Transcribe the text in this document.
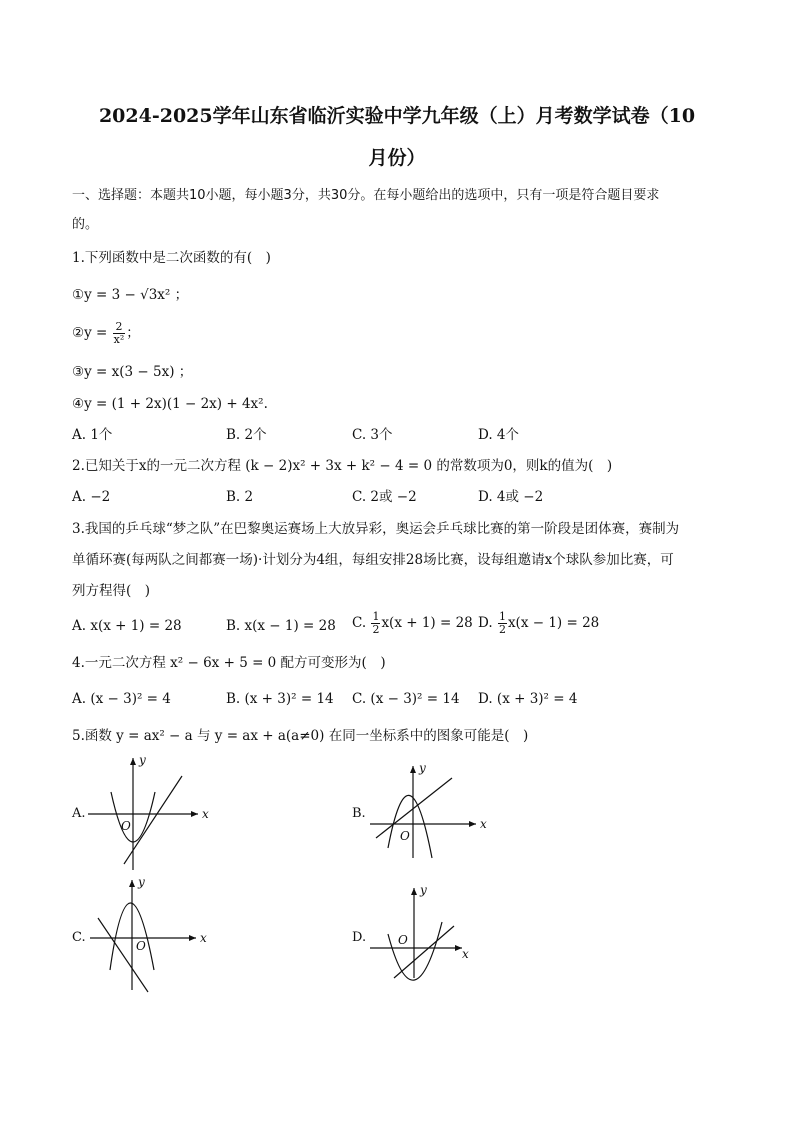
2024-2025学年山东省临沂实验中学九年级（上）月考数学试卷（10
月份）
一、选择题：本题共10小题，每小题3分，共30分。在每小题给出的选项中，只有一项是符合题目要求
的。
1.下列函数中是二次函数的有(　)
①y = 3 − √3x² ；
②y = $\frac{2}{\text{x²}}$ ；
③y = x(3 − 5x) ；
④y = (1 + 2x)(1 − 2x) + 4x².
A. 1个	B. 2个	C. 3个	D. 4个
2.已知关于x的一元二次方程 (k − 2)x² + 3x + k² − 4 = 0 的常数项为0，则k的值为(　)
A. −2	B. 2	C. 2或 −2	D. 4或 −2
3.我国的乒乓球“梦之队”在巴黎奥运赛场上大放异彩，奥运会乒乓球比赛的第一阶段是团体赛，赛制为
单循环赛(每两队之间都赛一场)·计划分为4组，每组安排28场比赛，设每组邀请x个球队参加比赛，可
列方程得(　)
A. x(x + 1) = 28	B. x(x − 1) = 28 C. $\frac{1}{2} x(x + 1) = 28$ D. $\frac{1}{2} x(x - 1) = 28$
4.一元二次方程 x² − 6x + 5 = 0 配方可变形为(　)
A. (x − 3)² = 4	B. (x + 3)² = 14 C. (x − 3)² = 14 D. (x + 3)² = 4
5.函数 y = ax² − a 与 y = ax + a(a≠0) 在同一坐标系中的图象可能是(　)
A.	x
y
O
B.
x
y
O
C.	x
y
O
D.
x
y
O
